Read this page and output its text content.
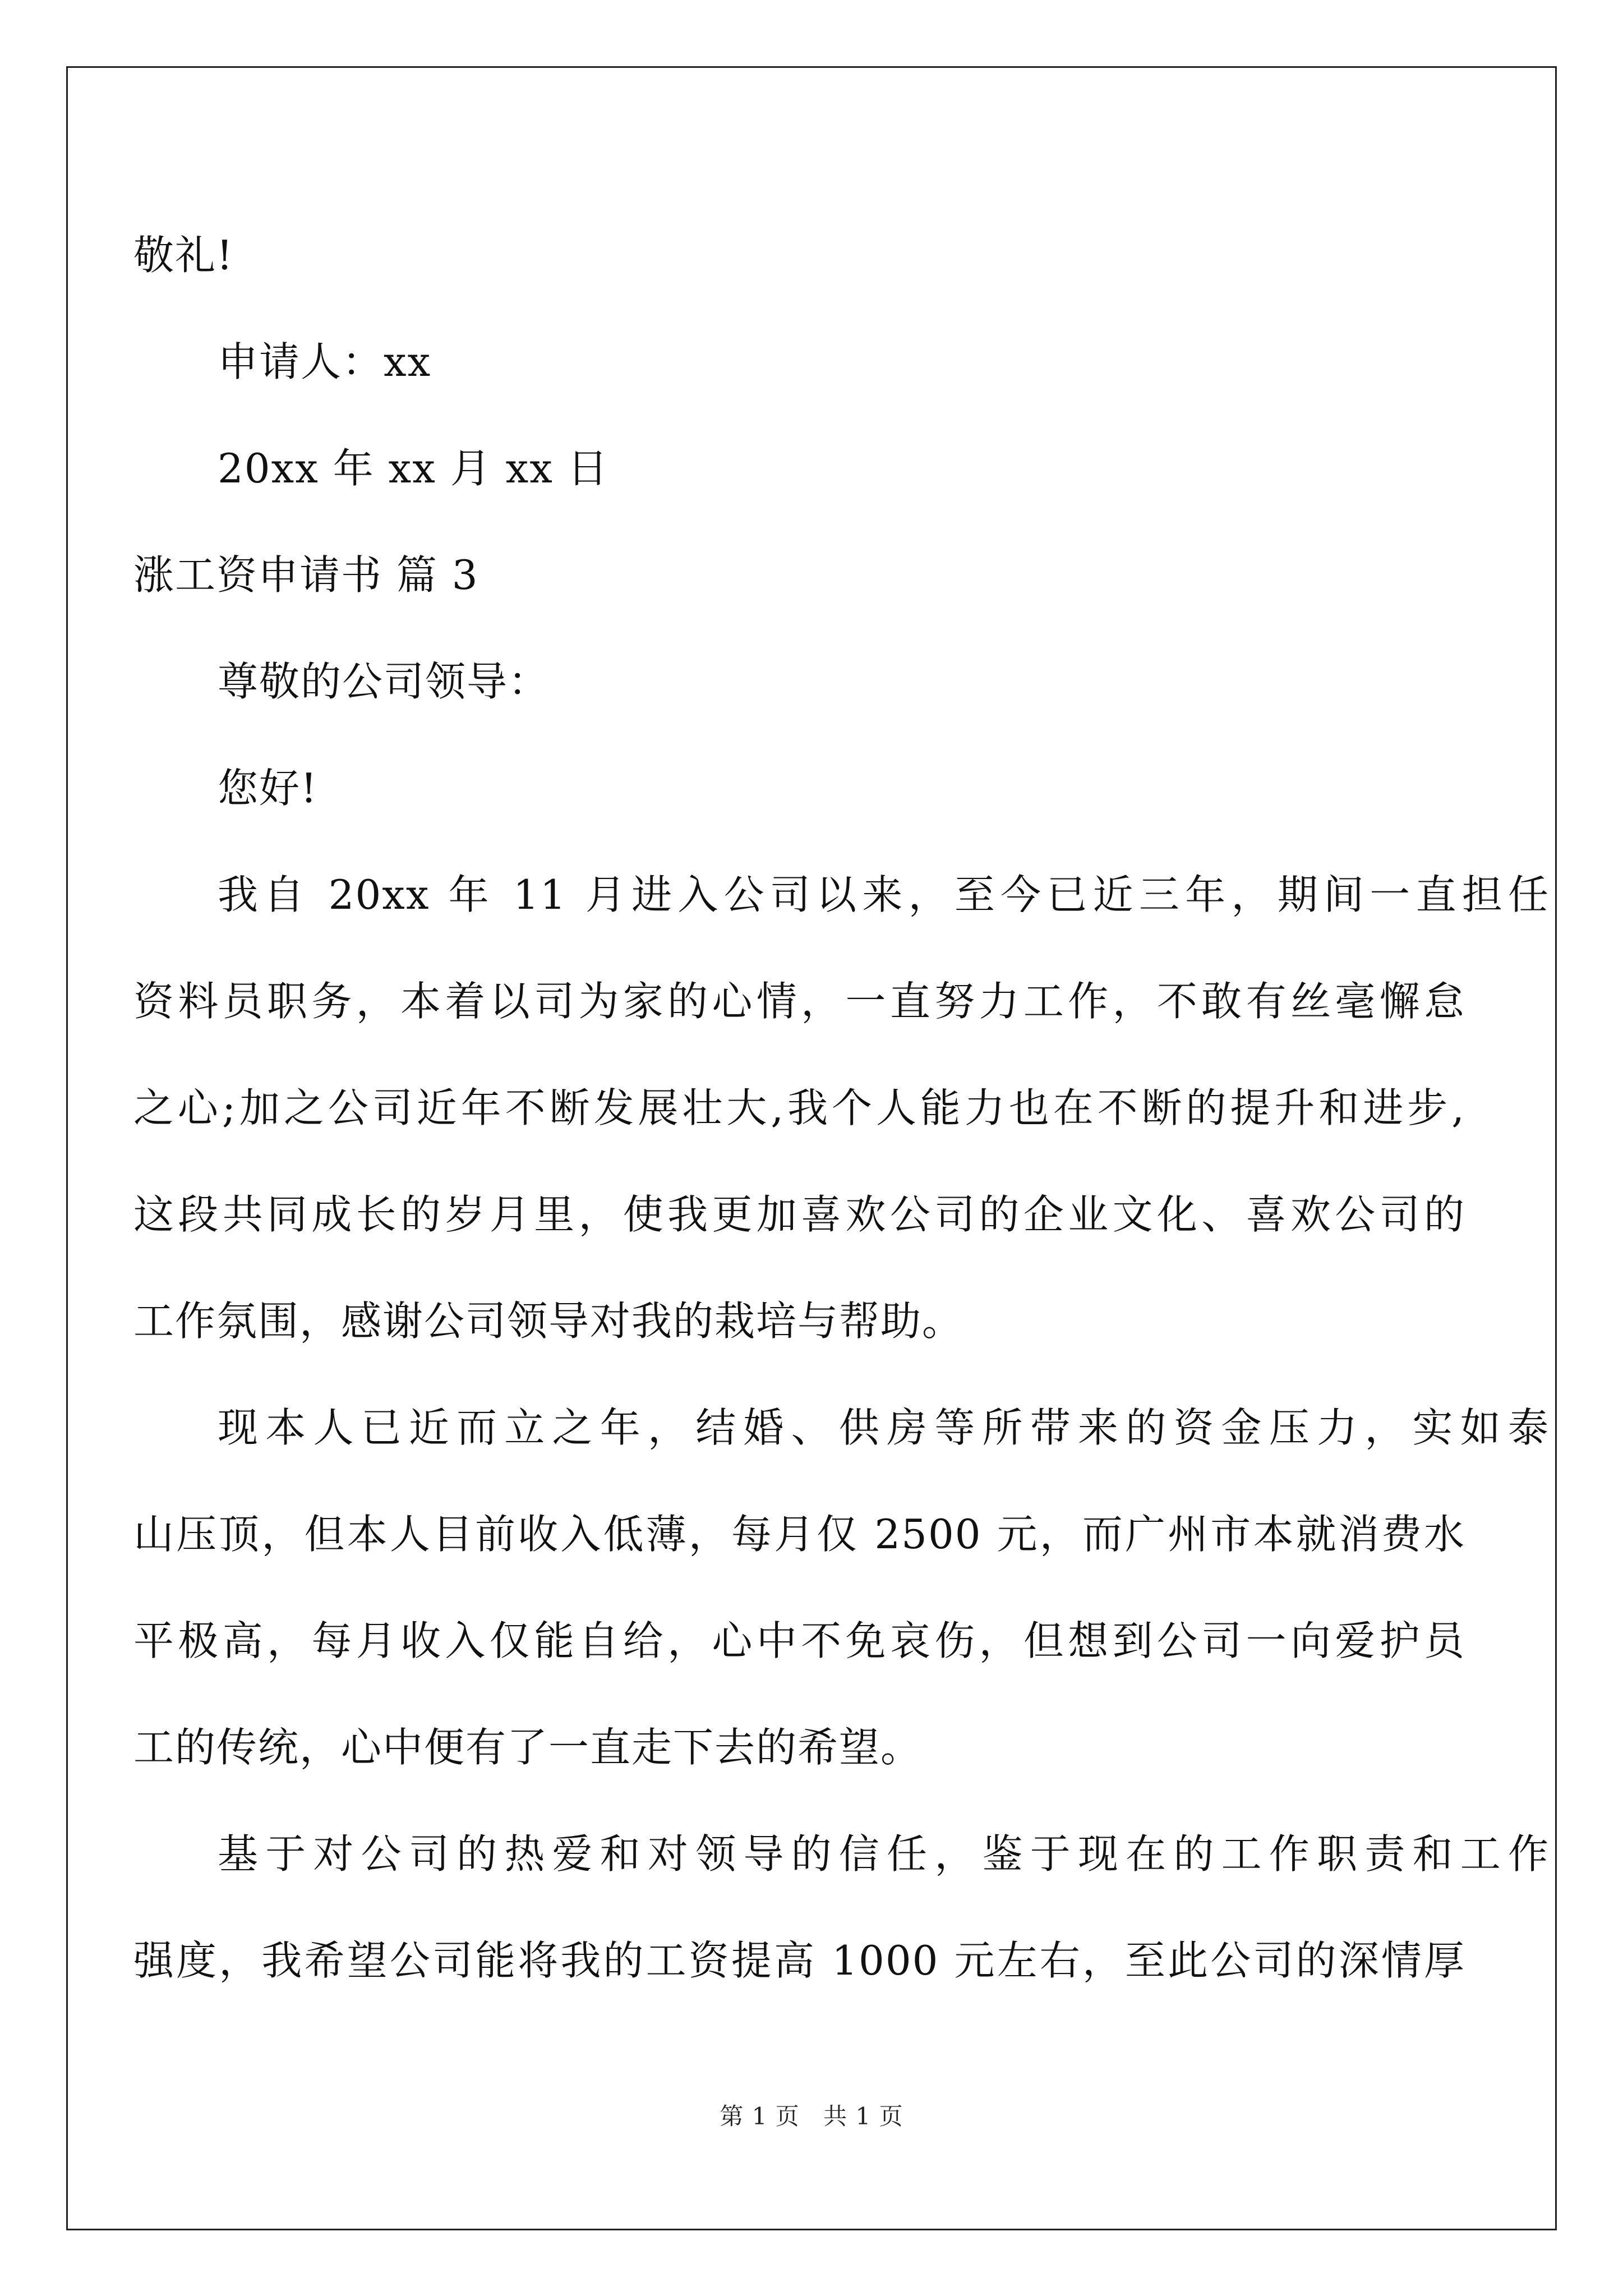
敬礼!
申请人：xx
20xx 年 xx 月 xx 日
涨工资申请书 篇 3
尊敬的公司领导：
您好!
我自 20xx 年 11 月进入公司以来，至今已近三年，期间一直担任
资料员职务，本着以司为家的心情，一直努力工作，不敢有丝毫懈怠
之心;加之公司近年不断发展壮大,我个人能力也在不断的提升和进步,
这段共同成长的岁月里，使我更加喜欢公司的企业文化、喜欢公司的
工作氛围，感谢公司领导对我的栽培与帮助。
现本人已近而立之年，结婚、供房等所带来的资金压力，实如泰
山压顶，但本人目前收入低薄，每月仅 2500 元，而广州市本就消费水
平极高，每月收入仅能自给，心中不免哀伤，但想到公司一向爱护员
工的传统，心中便有了一直走下去的希望。
基于对公司的热爱和对领导的信任，鉴于现在的工作职责和工作
强度，我希望公司能将我的工资提高 1000 元左右，至此公司的深情厚
第 1 页 共 1 页
